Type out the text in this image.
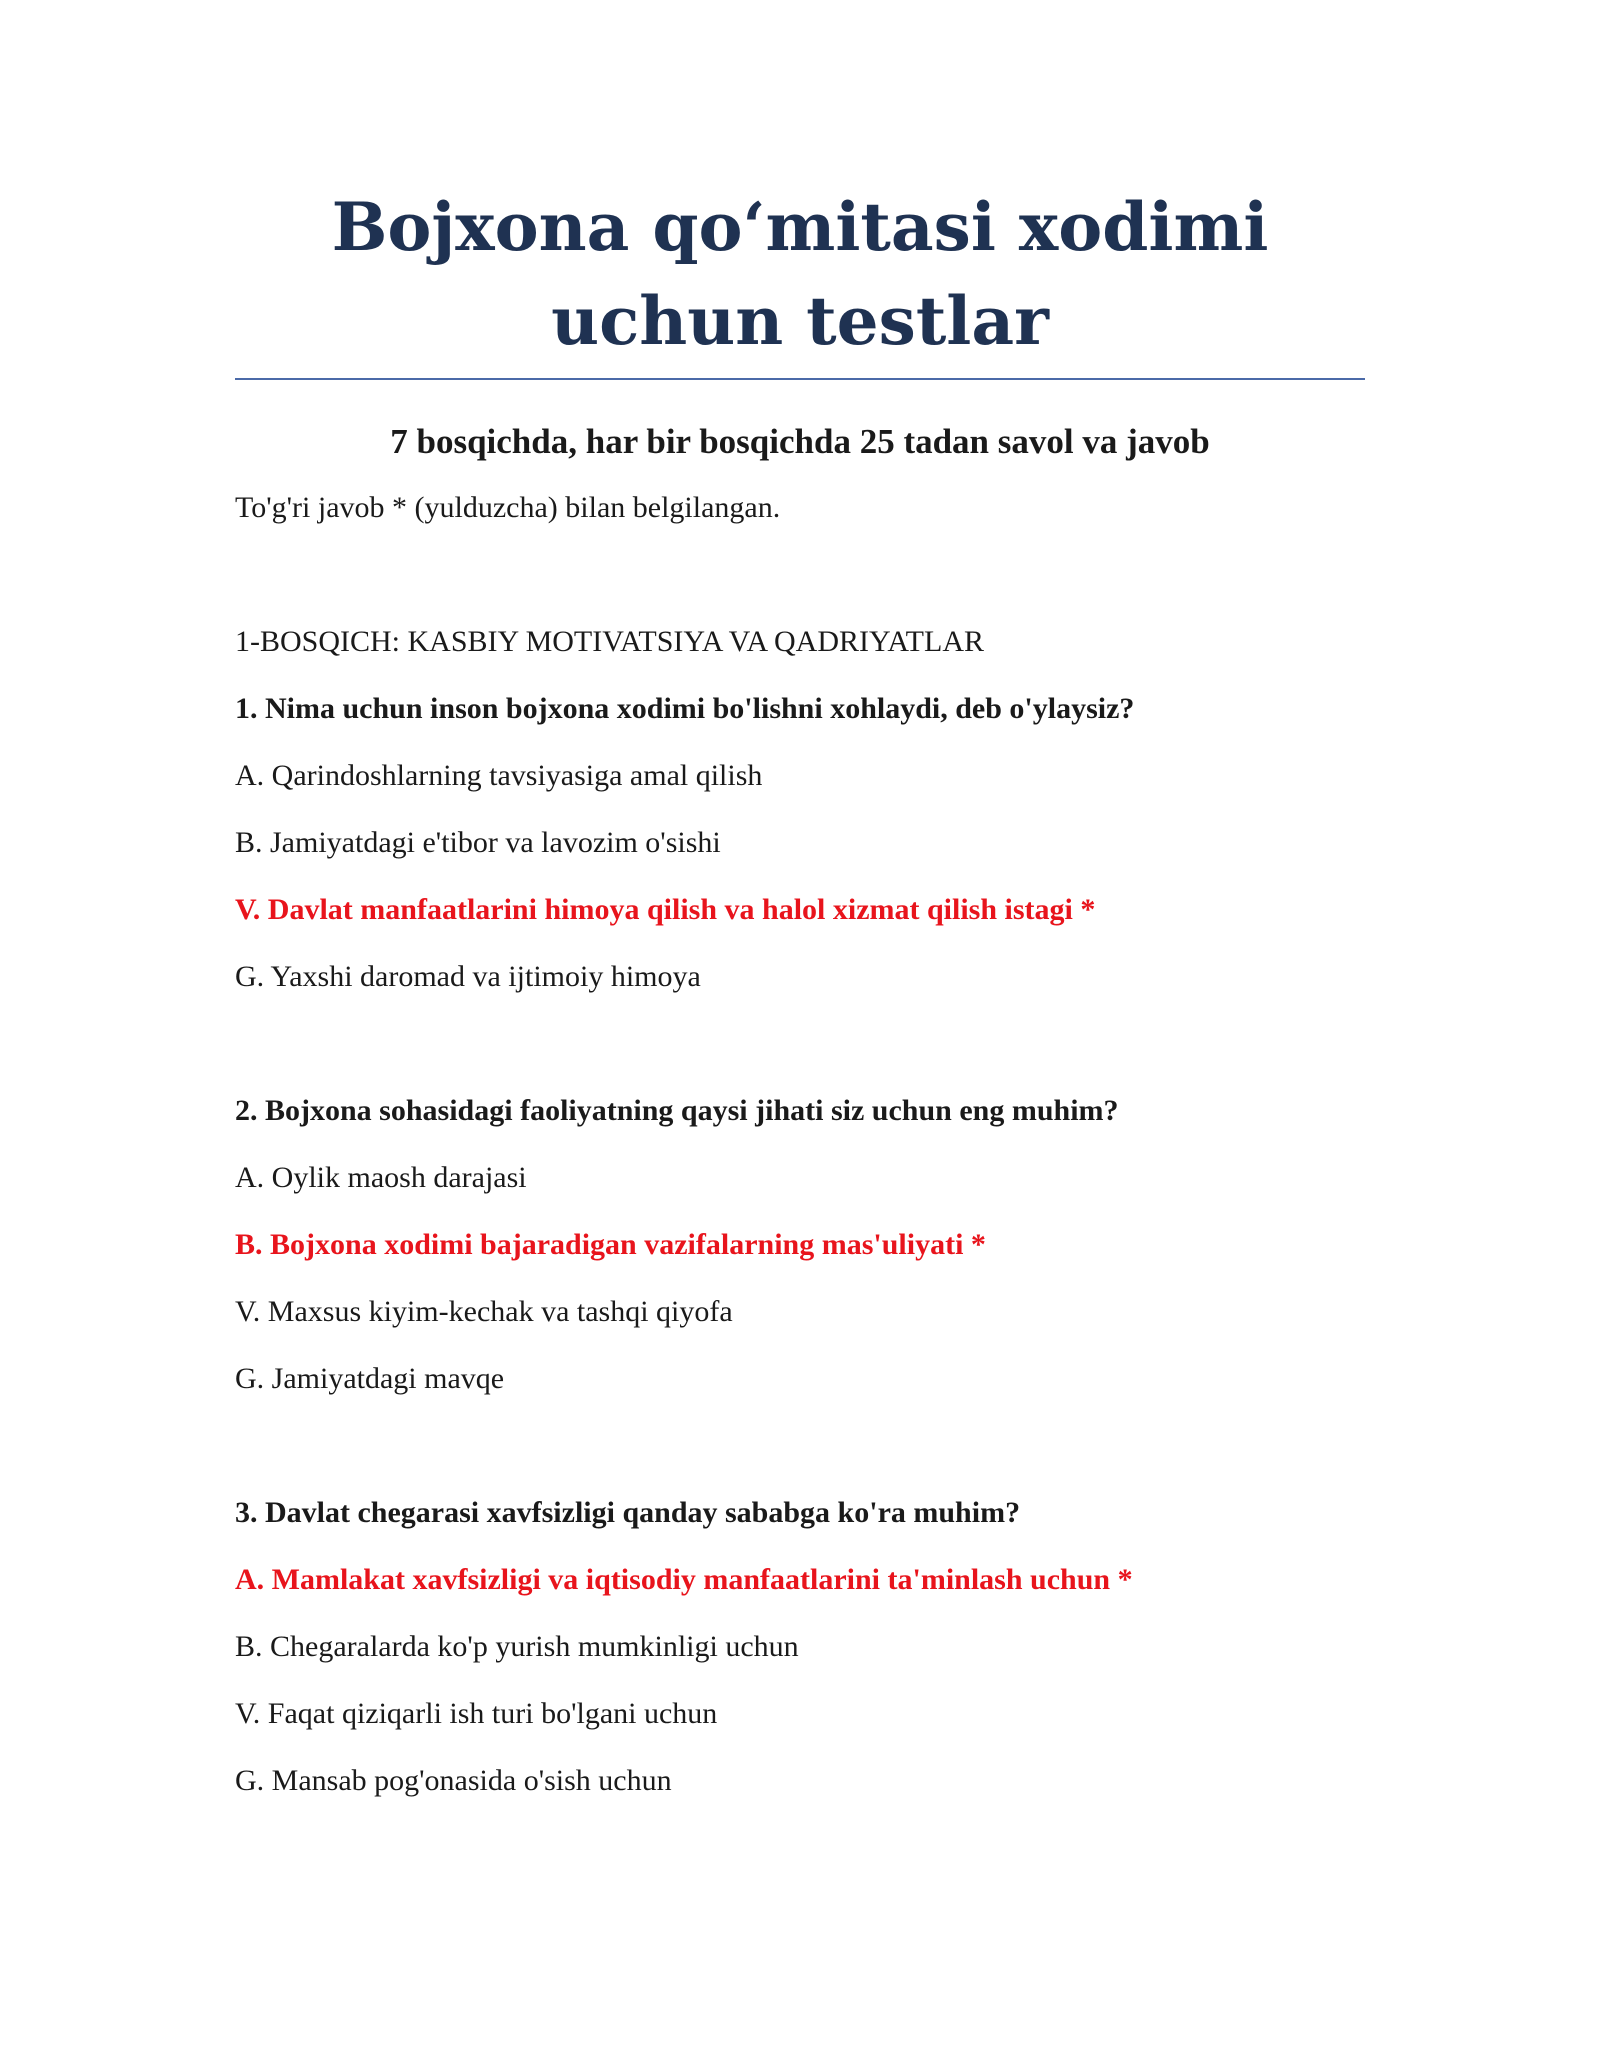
Bojxona qo‘mitasi xodimi uchun testlar
7 bosqichda, har bir bosqichda 25 tadan savol va javob
To'g'ri javob * (yulduzcha) bilan belgilangan.
1-BOSQICH: KASBIY MOTIVATSIYA VA QADRIYATLAR
1. Nima uchun inson bojxona xodimi bo'lishni xohlaydi, deb o'ylaysiz?
A. Qarindoshlarning tavsiyasiga amal qilish
B. Jamiyatdagi e'tibor va lavozim o'sishi
V. Davlat manfaatlarini himoya qilish va halol xizmat qilish istagi *
G. Yaxshi daromad va ijtimoiy himoya
2. Bojxona sohasidagi faoliyatning qaysi jihati siz uchun eng muhim?
A. Oylik maosh darajasi
B. Bojxona xodimi bajaradigan vazifalarning mas'uliyati *
V. Maxsus kiyim-kechak va tashqi qiyofa
G. Jamiyatdagi mavqe
3. Davlat chegarasi xavfsizligi qanday sababga ko'ra muhim?
A. Mamlakat xavfsizligi va iqtisodiy manfaatlarini ta'minlash uchun *
B. Chegaralarda ko'p yurish mumkinligi uchun
V. Faqat qiziqarli ish turi bo'lgani uchun
G. Mansab pog'onasida o'sish uchun
